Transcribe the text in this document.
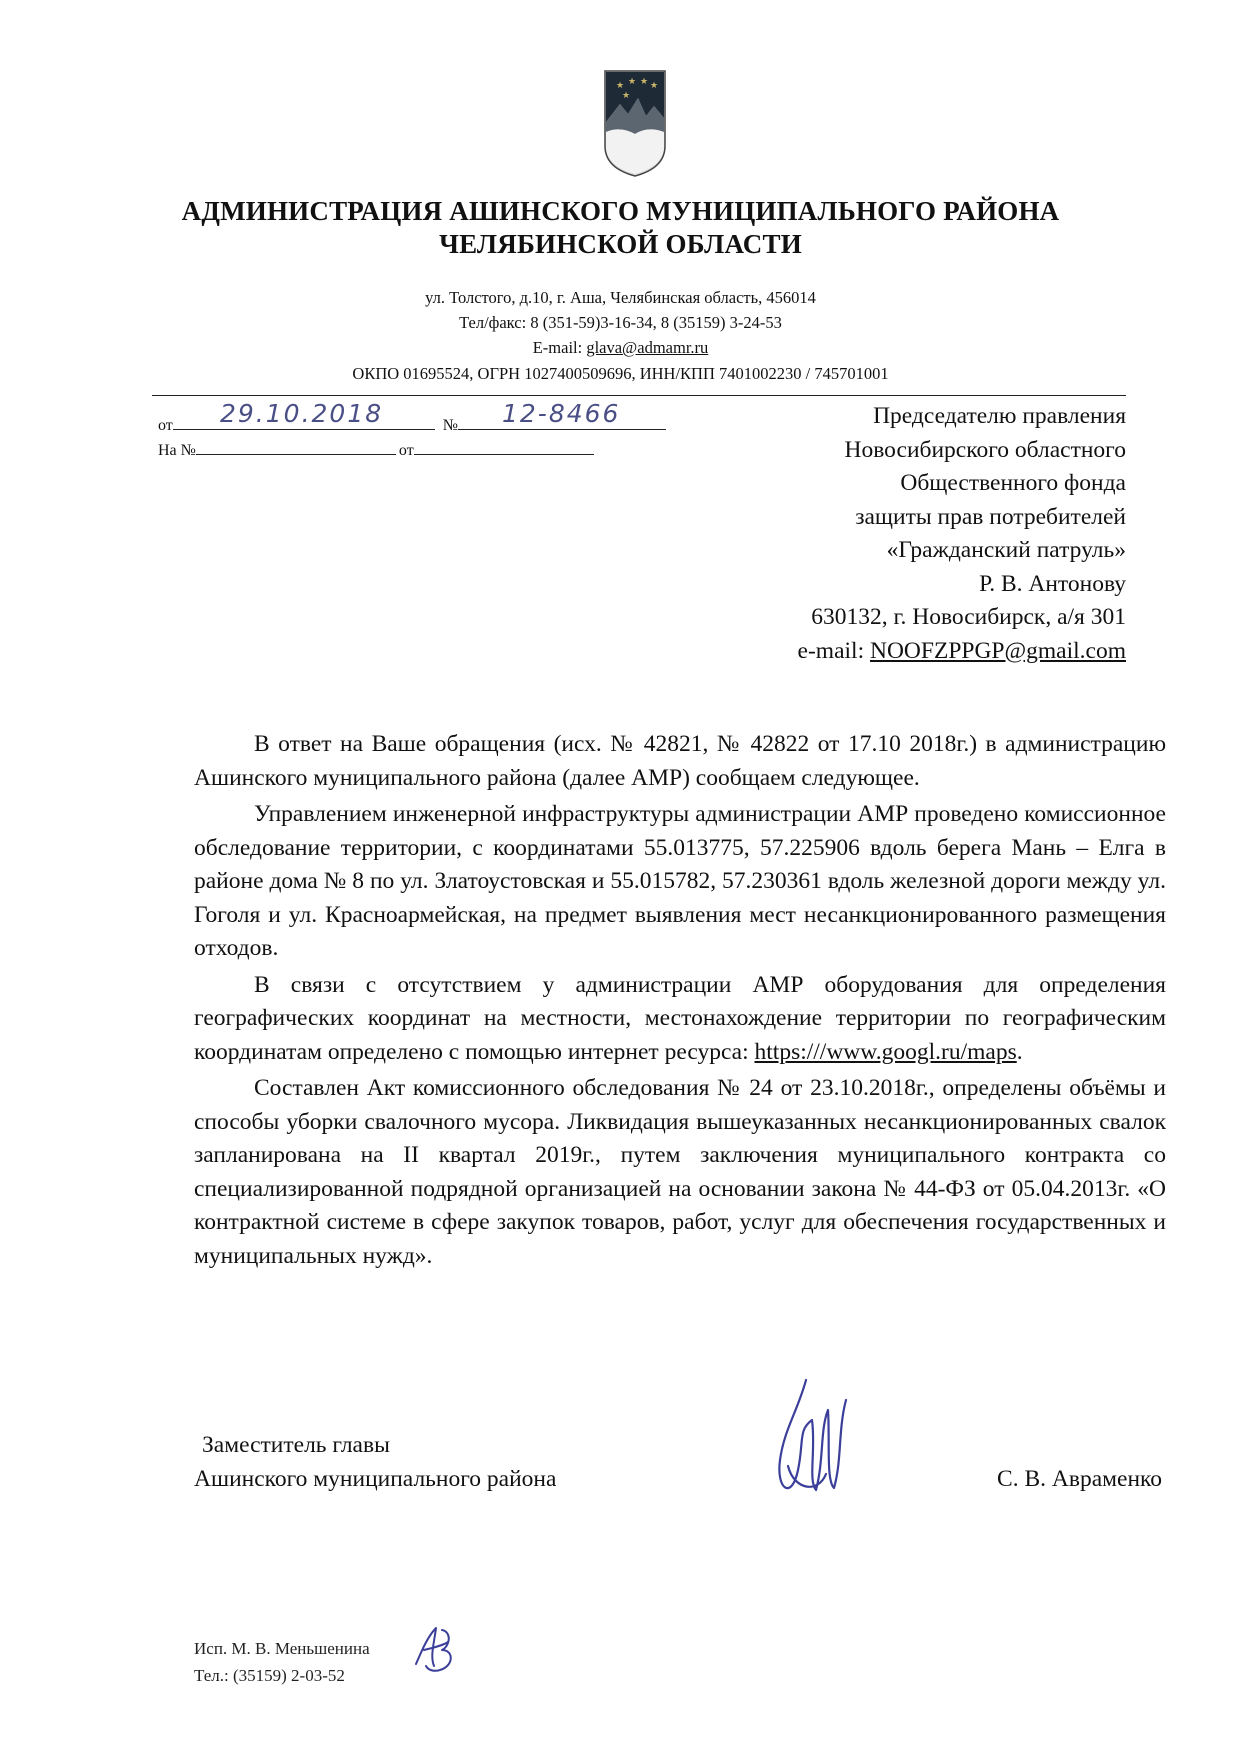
★ ★ ★ ★
★
АДМИНИСТРАЦИЯ АШИНСКОГО МУНИЦИПАЛЬНОГО РАЙОНА
ЧЕЛЯБИНСКОЙ ОБЛАСТИ
ул. Толстого, д.10, г. Аша, Челябинская область, 456014
Тел/факс: 8 (351-59)3-16-34, 8 (35159) 3-24-53
E-mail: glava@admamr.ru
ОКПО 01695524, ОГРН 1027400509696, ИНН/КПП 7401002230 / 745701001
от	№
29.10.2018	12-8466
На №	от
Председателю правления
Новосибирского областного
Общественного фонда
защиты прав потребителей
«Гражданский патруль»
Р. В. Антонову
630132, г. Новосибирск, а/я 301
e-mail: NOOFZPPGP@gmail.com

В ответ на Ваше обращения (исх. № 42821, № 42822 от 17.10 2018г.) в администрацию Ашинского муниципального района (далее АМР) сообщаем следующее.

Управлением инженерной инфраструктуры администрации АМР проведено комиссионное обследование территории, с координатами 55.013775, 57.225906 вдоль берега Мань – Елга в районе дома № 8 по ул. Златоустовская и 55.015782, 57.230361 вдоль железной дороги между ул. Гоголя и ул. Красноармейская, на предмет выявления мест несанкционированного размещения отходов.

В связи с отсутствием у администрации АМР оборудования для определения географических координат на местности, местонахождение территории по географическим координатам определено с помощью интернет ресурса: https:///www.googl.ru/maps.

Составлен Акт комиссионного обследования № 24 от 23.10.2018г., определены объёмы и способы уборки свалочного мусора. Ликвидация вышеуказанных несанкционированных свалок запланирована на II квартал 2019г., путем заключения муниципального контракта со специализированной подрядной организацией на основании закона № 44-ФЗ от 05.04.2013г. «О контрактной системе в сфере закупок товаров, работ, услуг для обеспечения государственных и муниципальных нужд».

Заместитель главы
Ашинского муниципального района	С. В. Авраменко
Исп. М. В. Меньшенина
Тел.: (35159) 2-03-52
